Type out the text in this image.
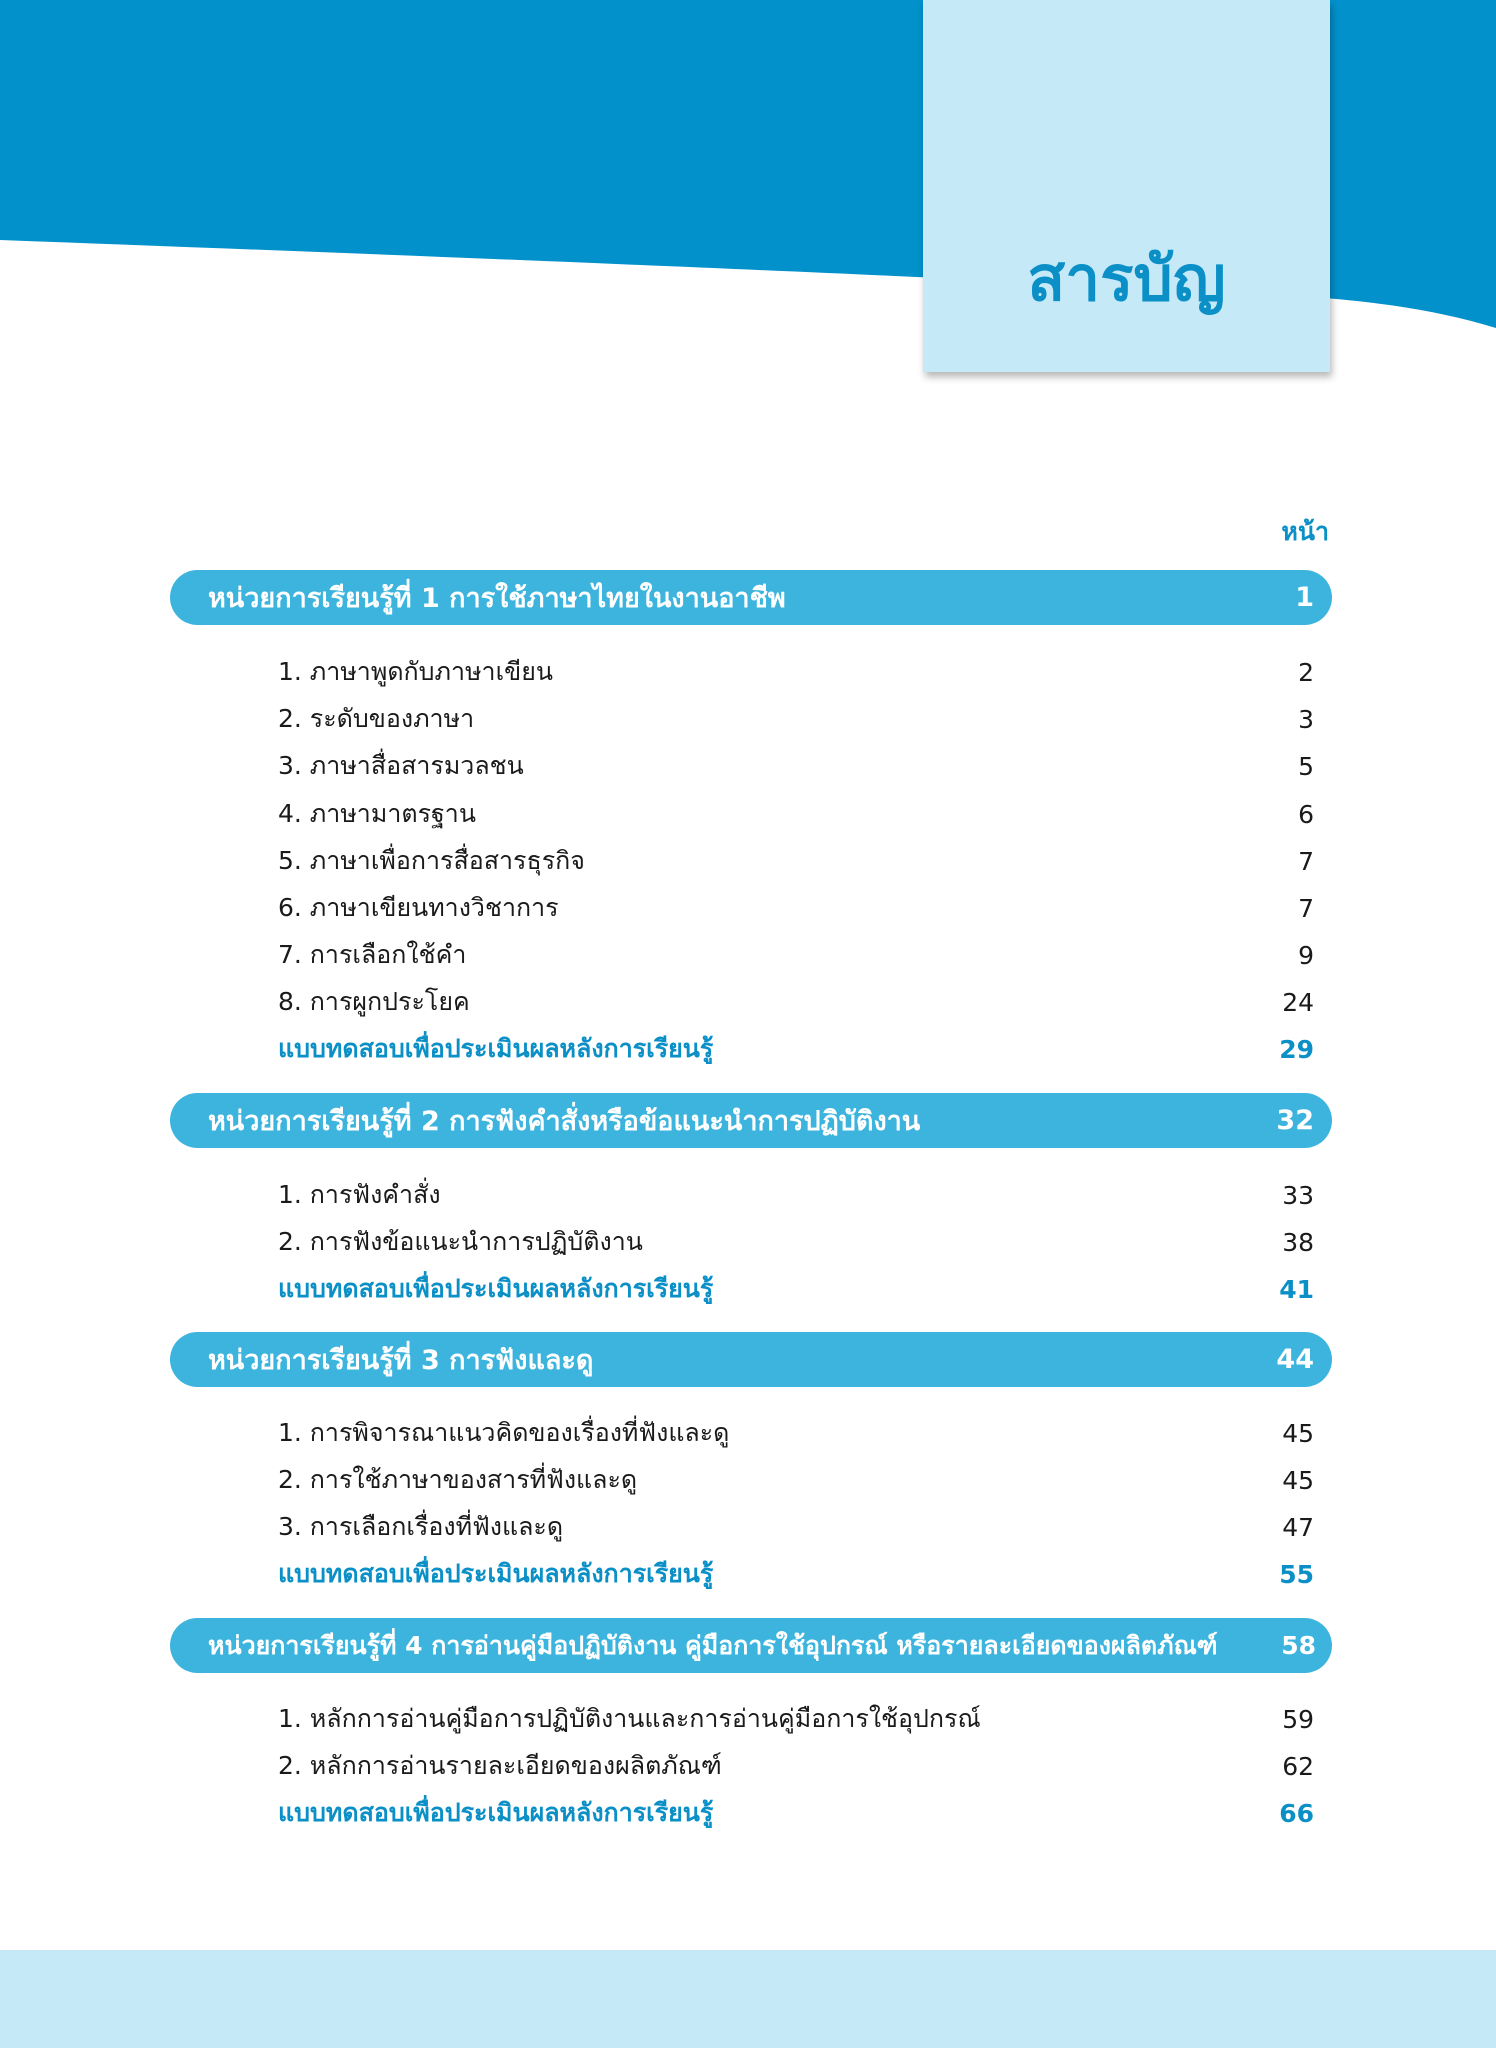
สารบัญ
หน้า
หน่วยการเรียนรู้ที่ 1 การใช้ภาษาไทยในงานอาชีพ	1
1. ภาษาพูดกับภาษาเขียน	2
2. ระดับของภาษา	3
3. ภาษาสื่อสารมวลชน	5
4. ภาษามาตรฐาน	6
5. ภาษาเพื่อการสื่อสารธุรกิจ	7
6. ภาษาเขียนทางวิชาการ	7
7. การเลือกใช้คำ	9
8. การผูกประโยค	24
แบบทดสอบเพื่อประเมินผลหลังการเรียนรู้	29
หน่วยการเรียนรู้ที่ 2 การฟังคำสั่งหรือข้อแนะนำการปฏิบัติงาน	32
1. การฟังคำสั่ง	33
2. การฟังข้อแนะนำการปฏิบัติงาน	38
แบบทดสอบเพื่อประเมินผลหลังการเรียนรู้	41
หน่วยการเรียนรู้ที่ 3 การฟังและดู	44
1. การพิจารณาแนวคิดของเรื่องที่ฟังและดู	45
2. การใช้ภาษาของสารที่ฟังและดู	45
3. การเลือกเรื่องที่ฟังและดู	47
แบบทดสอบเพื่อประเมินผลหลังการเรียนรู้	55
หน่วยการเรียนรู้ที่ 4 การอ่านคู่มือปฏิบัติงาน คู่มือการใช้อุปกรณ์ หรือรายละเอียดของผลิตภัณฑ์	58
1. หลักการอ่านคู่มือการปฏิบัติงานและการอ่านคู่มือการใช้อุปกรณ์	59
2. หลักการอ่านรายละเอียดของผลิตภัณฑ์	62
แบบทดสอบเพื่อประเมินผลหลังการเรียนรู้	66
